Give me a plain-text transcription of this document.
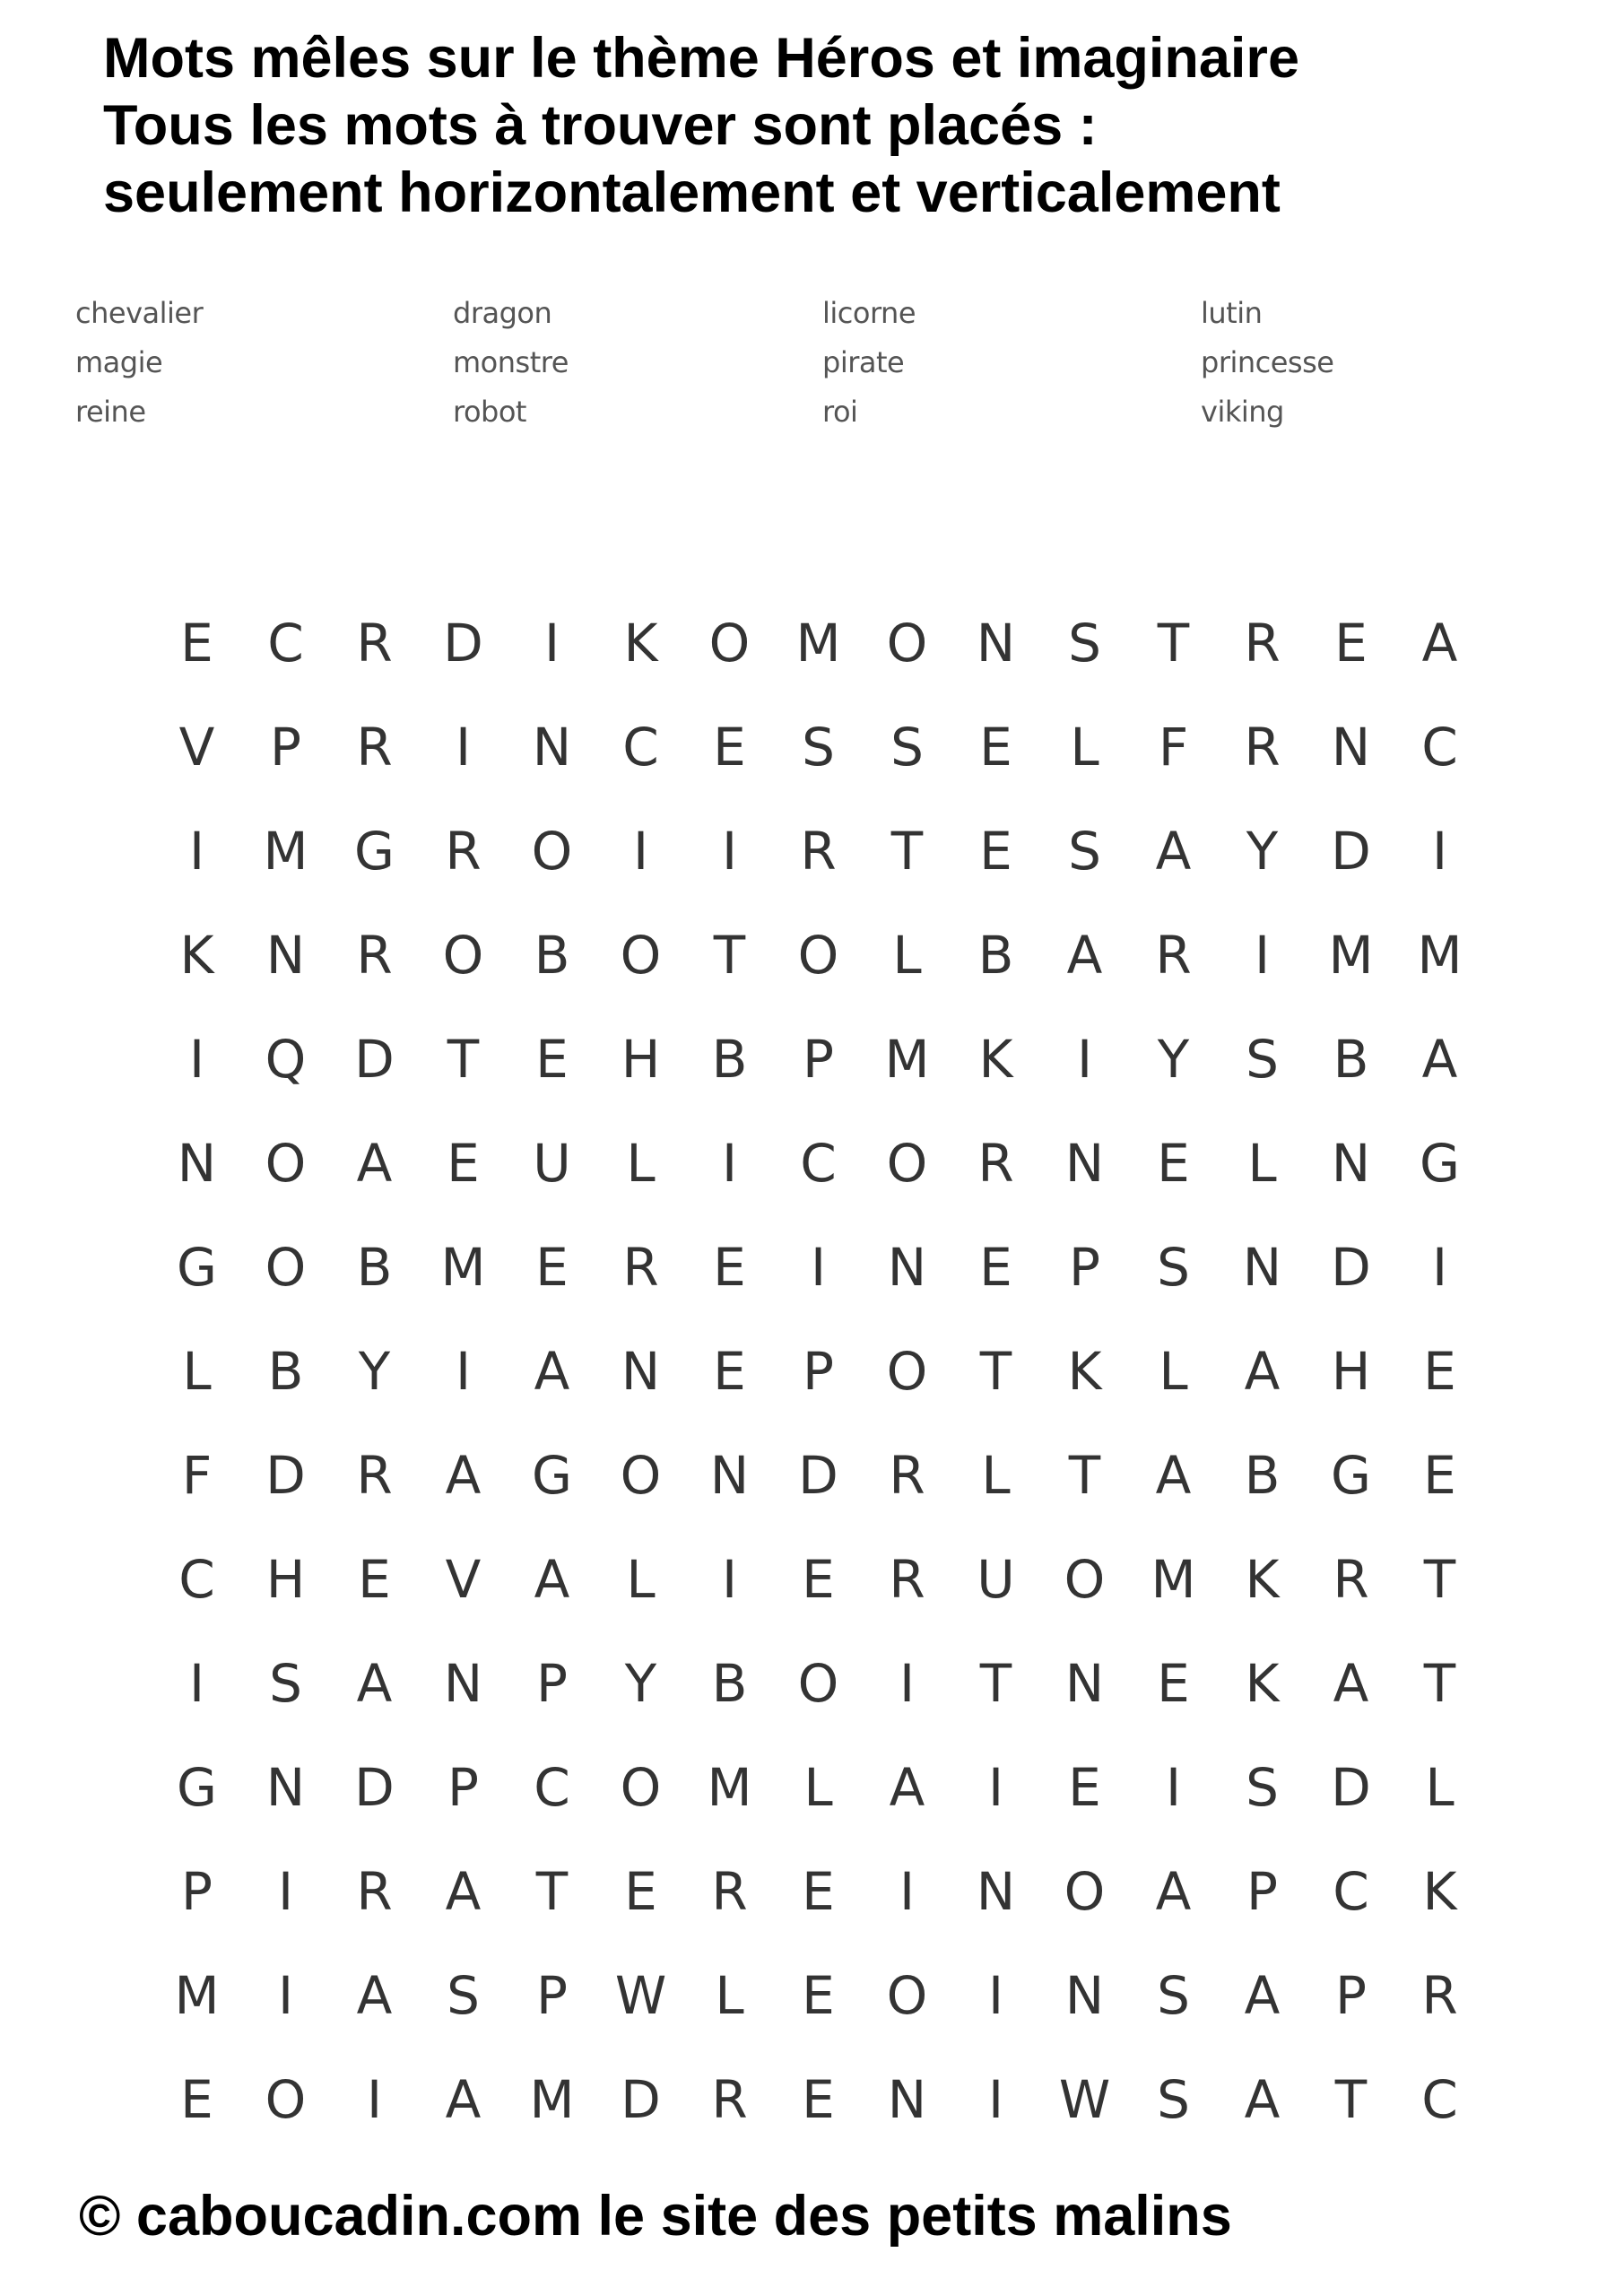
Mots mêles sur le thème Héros et imaginaire
Tous les mots à trouver sont placés :
seulement horizontalement et verticalement
chevalier	dragon	licorne	lutin
magie	monstre	pirate	princesse
reine	robot	roi	viking
E	C	R D	I	K O M O N	S	T	R	E	A
V	P	R	I	N C	E	S	S	E	L	F	R N C
I	M G R O	I	I	R	T	E	S	A	Y	D	I
K	N R O B O	T	O	L	B	A	R	I	M M
I	Q D	T	E	H B	P M K	I	Y	S	B	A
N O A	E	U	L	I	C O R N	E	L	N G
G O B M E	R	E	I	N	E	P	S	N D	I
L	B	Y	I	A N	E	P	O	T	K	L	A H	E
F	D R	A G O N D R	L	T	A	B G	E
C H	E	V	A	L	I	E	R U O M K	R	T
I	S	A N	P	Y	B O	I	T	N	E	K	A	T
G N D	P	C O M L	A	I	E	I	S	D	L
P	I	R	A	T	E	R	E	I	N O A	P	C	K
M	I	A	S	P W L	E O	I	N	S	A	P	R
E O	I	A M D R	E	N	I	W S	A	T	C
© caboucadin.com le site des petits malins
